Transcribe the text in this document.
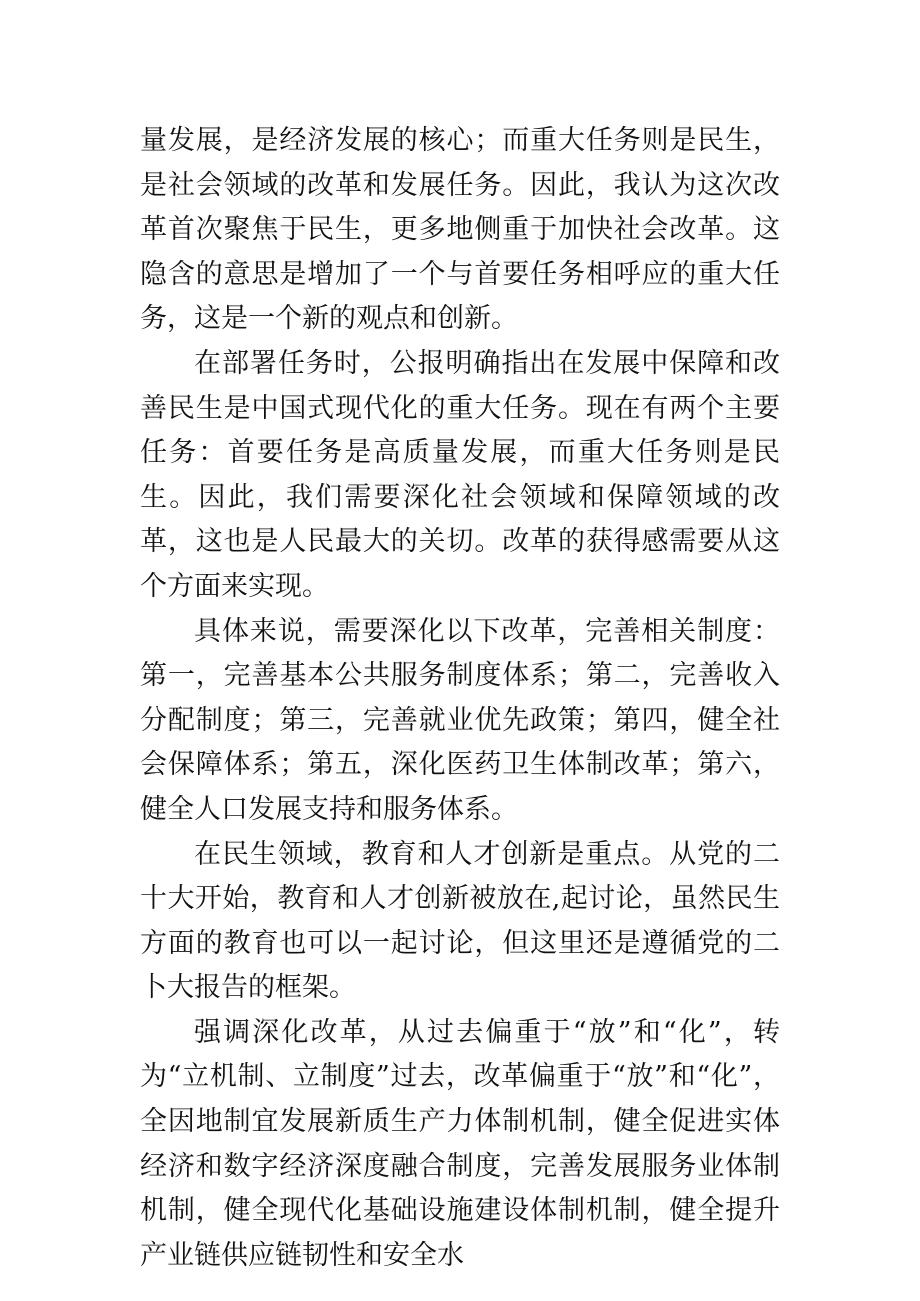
量发展，是经济发展的核心；而重大任务则是民生，是社会领域的改革和发展任务。因此，我认为这次改革首次聚焦于民生，更多地侧重于加快社会改革。这隐含的意思是增加了一个与首要任务相呼应的重大任务，这是一个新的观点和创新。

在部署任务时，公报明确指出在发展中保障和改善民生是中国式现代化的重大任务。现在有两个主要任务：首要任务是高质量发展，而重大任务则是民生。因此，我们需要深化社会领域和保障领域的改革，这也是人民最大的关切。改革的获得感需要从这个方面来实现。

具体来说，需要深化以下改革，完善相关制度：第一，完善基本公共服务制度体系；第二，完善收入分配制度；第三，完善就业优先政策；第四，健全社会保障体系；第五，深化医药卫生体制改革；第六，健全人口发展支持和服务体系。

在民生领域，教育和人才创新是重点。从党的二十大开始，教育和人才创新被放在,起讨论，虽然民生方面的教育也可以一起讨论，但这里还是遵循党的二卜大报告的框架。

强调深化改革，从过去偏重于“放”和“化”，转为“立机制、立制度”过去，改革偏重于“放”和“化”，全因地制宜发展新质生产力体制机制，健全促进实体经济和数字经济深度融合制度，完善发展服务业体制机制，健全现代化基础设施建设体制机制，健全提升产业链供应链韧性和安全水
